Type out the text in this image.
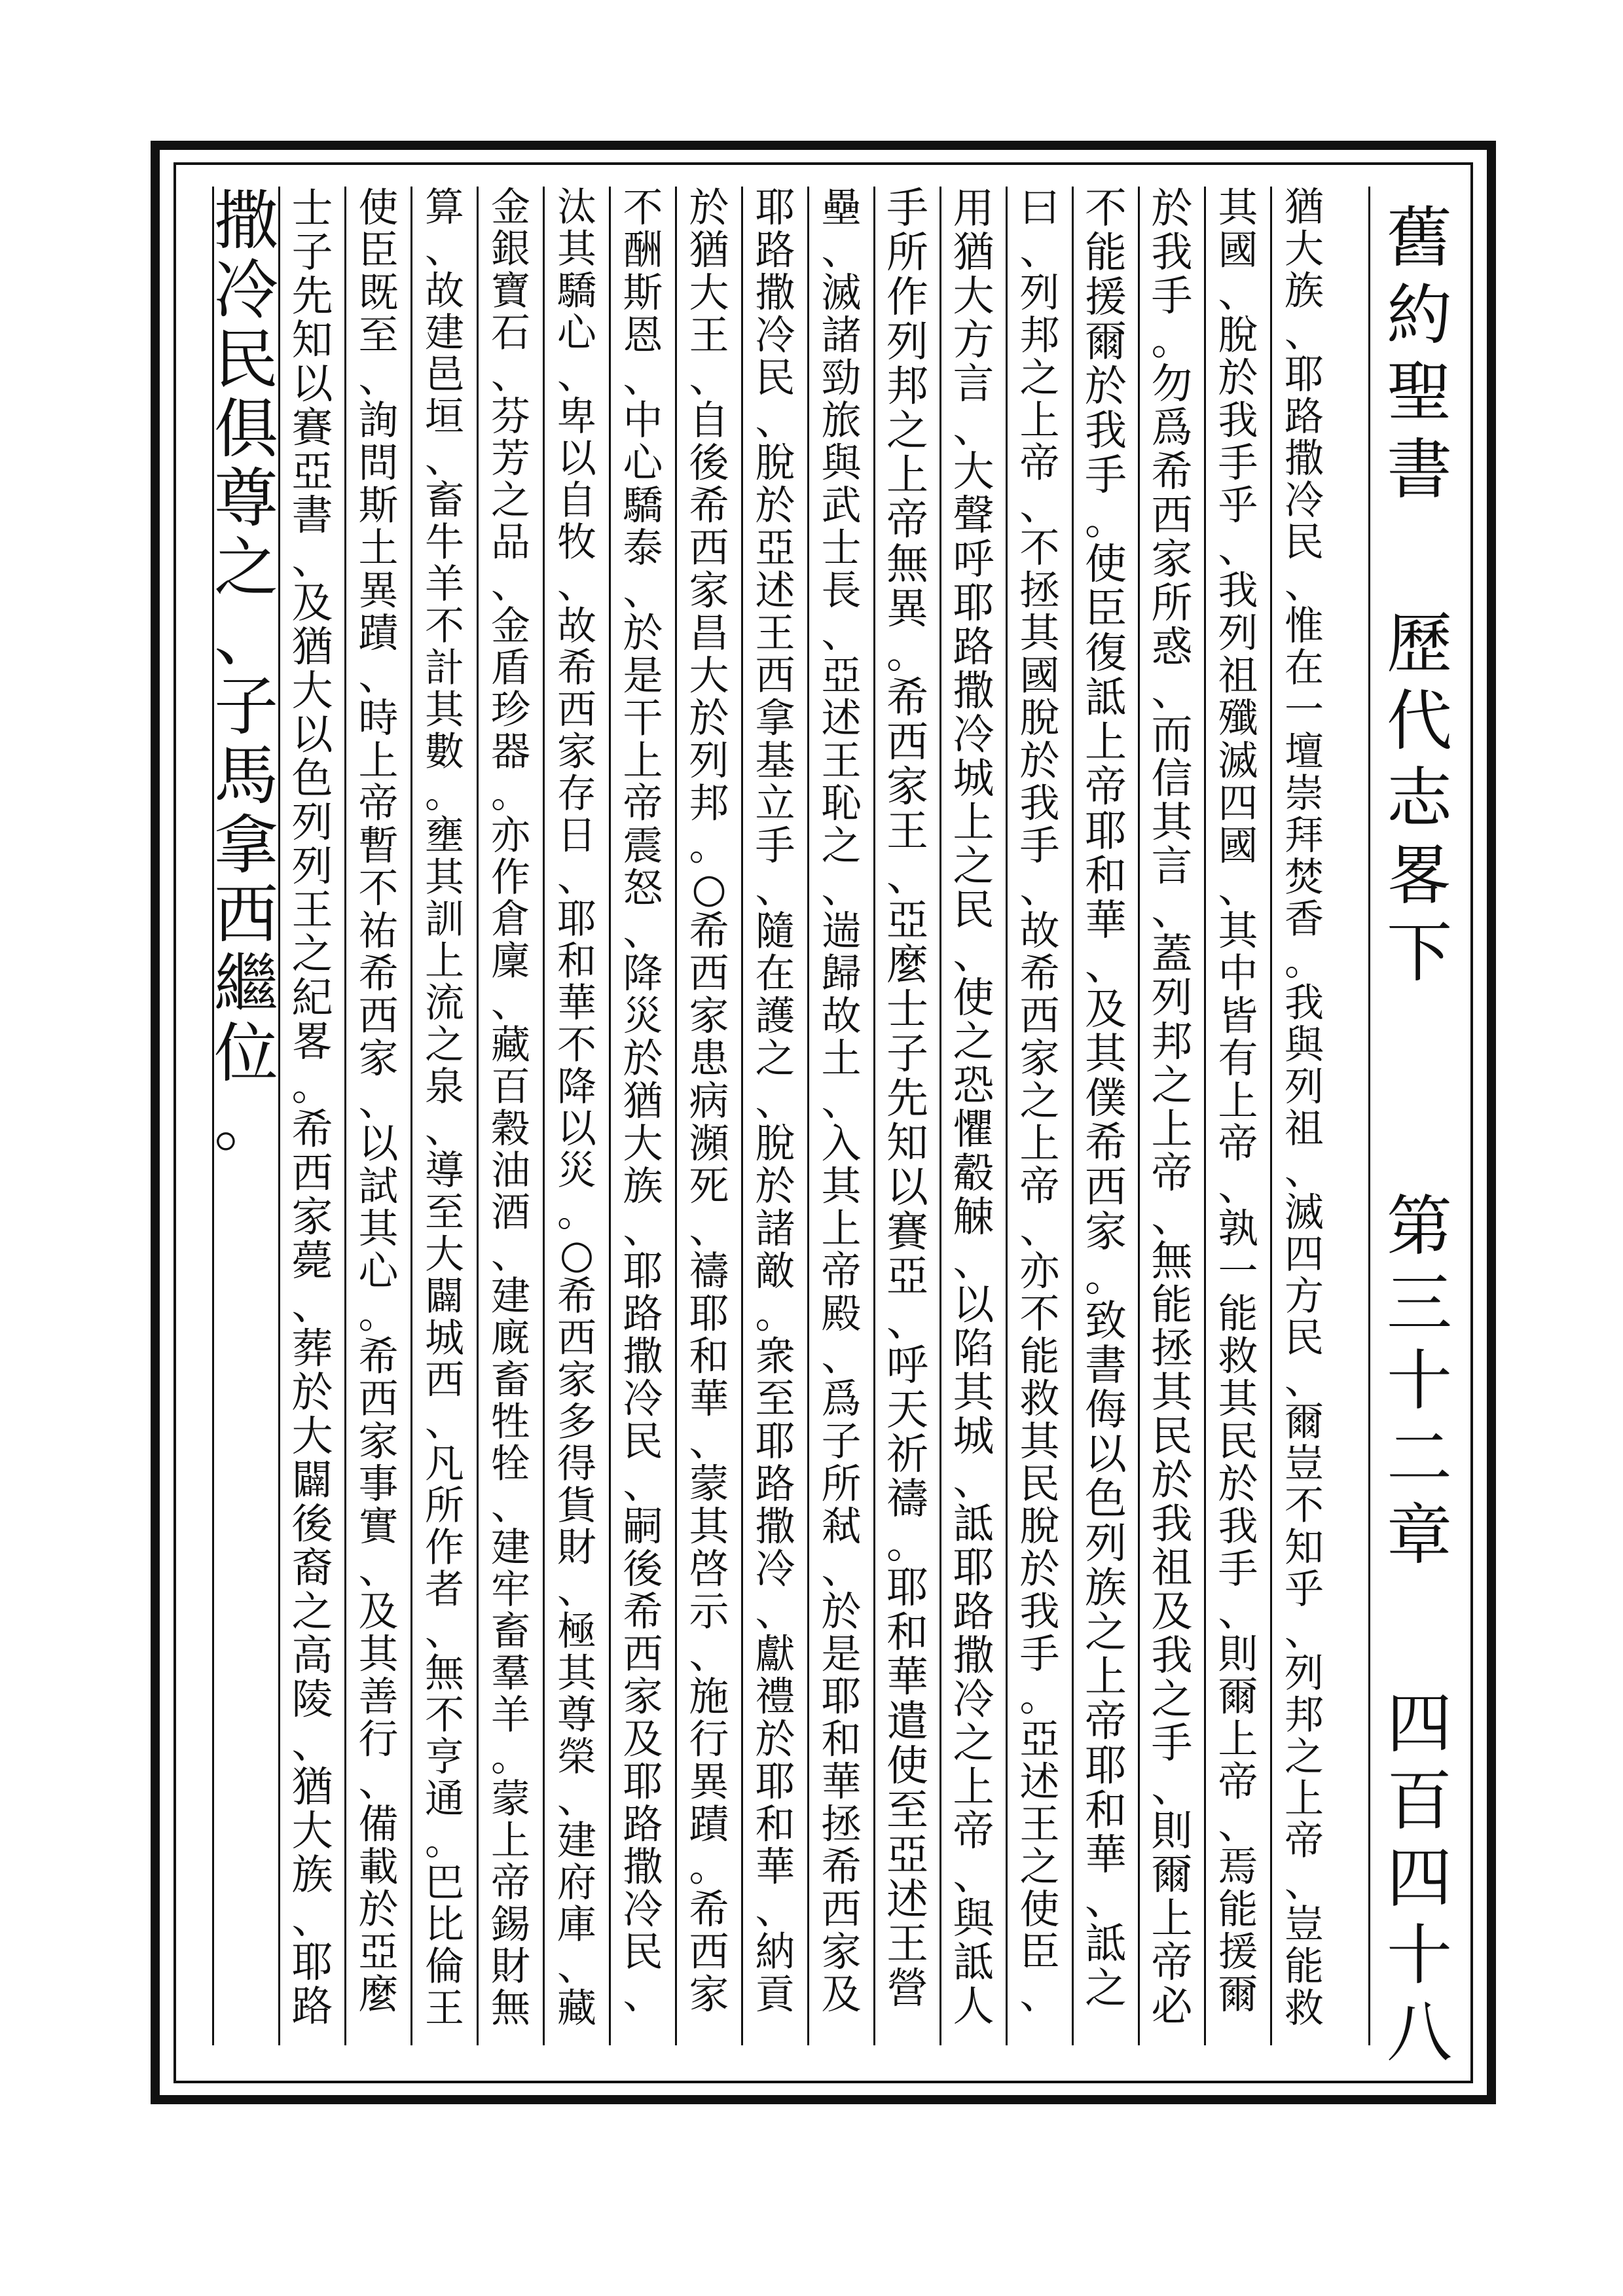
舊
約
聖
書
歷
代
志
畧
下
第
三
十
二
章
四
百
四
十
八
猶
大
族
、
耶
路
撒
冷
民
、
惟
在
一
壇
崇
拜
焚
香
。
我
與
列
祖
、
滅
四
方
民
、
爾
豈
不
知
乎
、
列
邦
之
上
帝
、
豈
能
救
其
國
、
脫
於
我
手
乎
、
我
列
祖
殲
滅
四
國
、
其
中
皆
有
上
帝
、
孰
一
能
救
其
民
於
我
手
、
則
爾
上
帝
、
焉
能
援
爾
於
我
手
。
勿
爲
希
西
家
所
惑
、
而
信
其
言
、
蓋
列
邦
之
上
帝
、
無
能
拯
其
民
於
我
祖
及
我
之
手
、
則
爾
上
帝
必
不
能
援
爾
於
我
手
。
使
臣
復
詆
上
帝
耶
和
華
、
及
其
僕
希
西
家
。
致
書
侮
以
色
列
族
之
上
帝
耶
和
華
、
詆
之
曰
、
列
邦
之
上
帝
、
不
拯
其
國
脫
於
我
手
、
故
希
西
家
之
上
帝
、
亦
不
能
救
其
民
脫
於
我
手
。
亞
述
王
之
使
臣
、
用
猶
大
方
言
、
大
聲
呼
耶
路
撒
冷
城
上
之
民
、
使
之
恐
懼
觳
觫
、
以
陷
其
城
、
詆
耶
路
撒
冷
之
上
帝
、
與
詆
人
手
所
作
列
邦
之
上
帝
無
異
。
希
西
家
王
、
亞
麼
士
子
先
知
以
賽
亞
、
呼
天
祈
禱
。
耶
和
華
遣
使
至
亞
述
王
營
壘
、
滅
諸
勁
旅
與
武
士
長
、
亞
述
王
恥
之
、
遄
歸
故
土
、
入
其
上
帝
殿
、
爲
子
所
弒
、
於
是
耶
和
華
拯
希
西
家
及
耶
路
撒
冷
民
、
脫
於
亞
述
王
西
拿
基
立
手
、
隨
在
護
之
、
脫
於
諸
敵
。
衆
至
耶
路
撒
冷
、
獻
禮
於
耶
和
華
、
納
貢
於
猶
大
王
、
自
後
希
西
家
昌
大
於
列
邦
。
○
希
西
家
患
病
瀕
死
、
禱
耶
和
華
、
蒙
其
啓
示
、
施
行
異
蹟
。
希
西
家
不
酬
斯
恩
、
中
心
驕
泰
、
於
是
干
上
帝
震
怒
、
降
災
於
猶
大
族
、
耶
路
撒
冷
民
、
嗣
後
希
西
家
及
耶
路
撒
冷
民
、
汰
其
驕
心
、
卑
以
自
牧
、
故
希
西
家
存
日
、
耶
和
華
不
降
以
災
。
○
希
西
家
多
得
貨
財
、
極
其
尊
榮
、
建
府
庫
、
藏
金
銀
寶
石
、
芬
芳
之
品
、
金
盾
珍
器
。
亦
作
倉
廩
、
藏
百
穀
油
酒
、
建
廐
畜
牲
牷
、
建
牢
畜
羣
羊
。
蒙
上
帝
錫
財
無
算
、
故
建
邑
垣
、
畜
牛
羊
不
計
其
數
。
壅
其
訓
上
流
之
泉
、
導
至
大
闢
城
西
、
凡
所
作
者
、
無
不
亨
通
。
巴
比
倫
王
使
臣
既
至
、
詢
問
斯
土
異
蹟
、
時
上
帝
暫
不
祐
希
西
家
、
以
試
其
心
。
希
西
家
事
實
、
及
其
善
行
、
備
載
於
亞
麼
士
子
先
知
以
賽
亞
書
、
及
猶
大
以
色
列
列
王
之
紀
畧
。
希
西
家
薨
、
葬
於
大
闢
後
裔
之
高
陵
、
猶
大
族
、
耶
路
撒
冷
民
俱
尊
之
、
子
馬
拿
西
繼
位
。
